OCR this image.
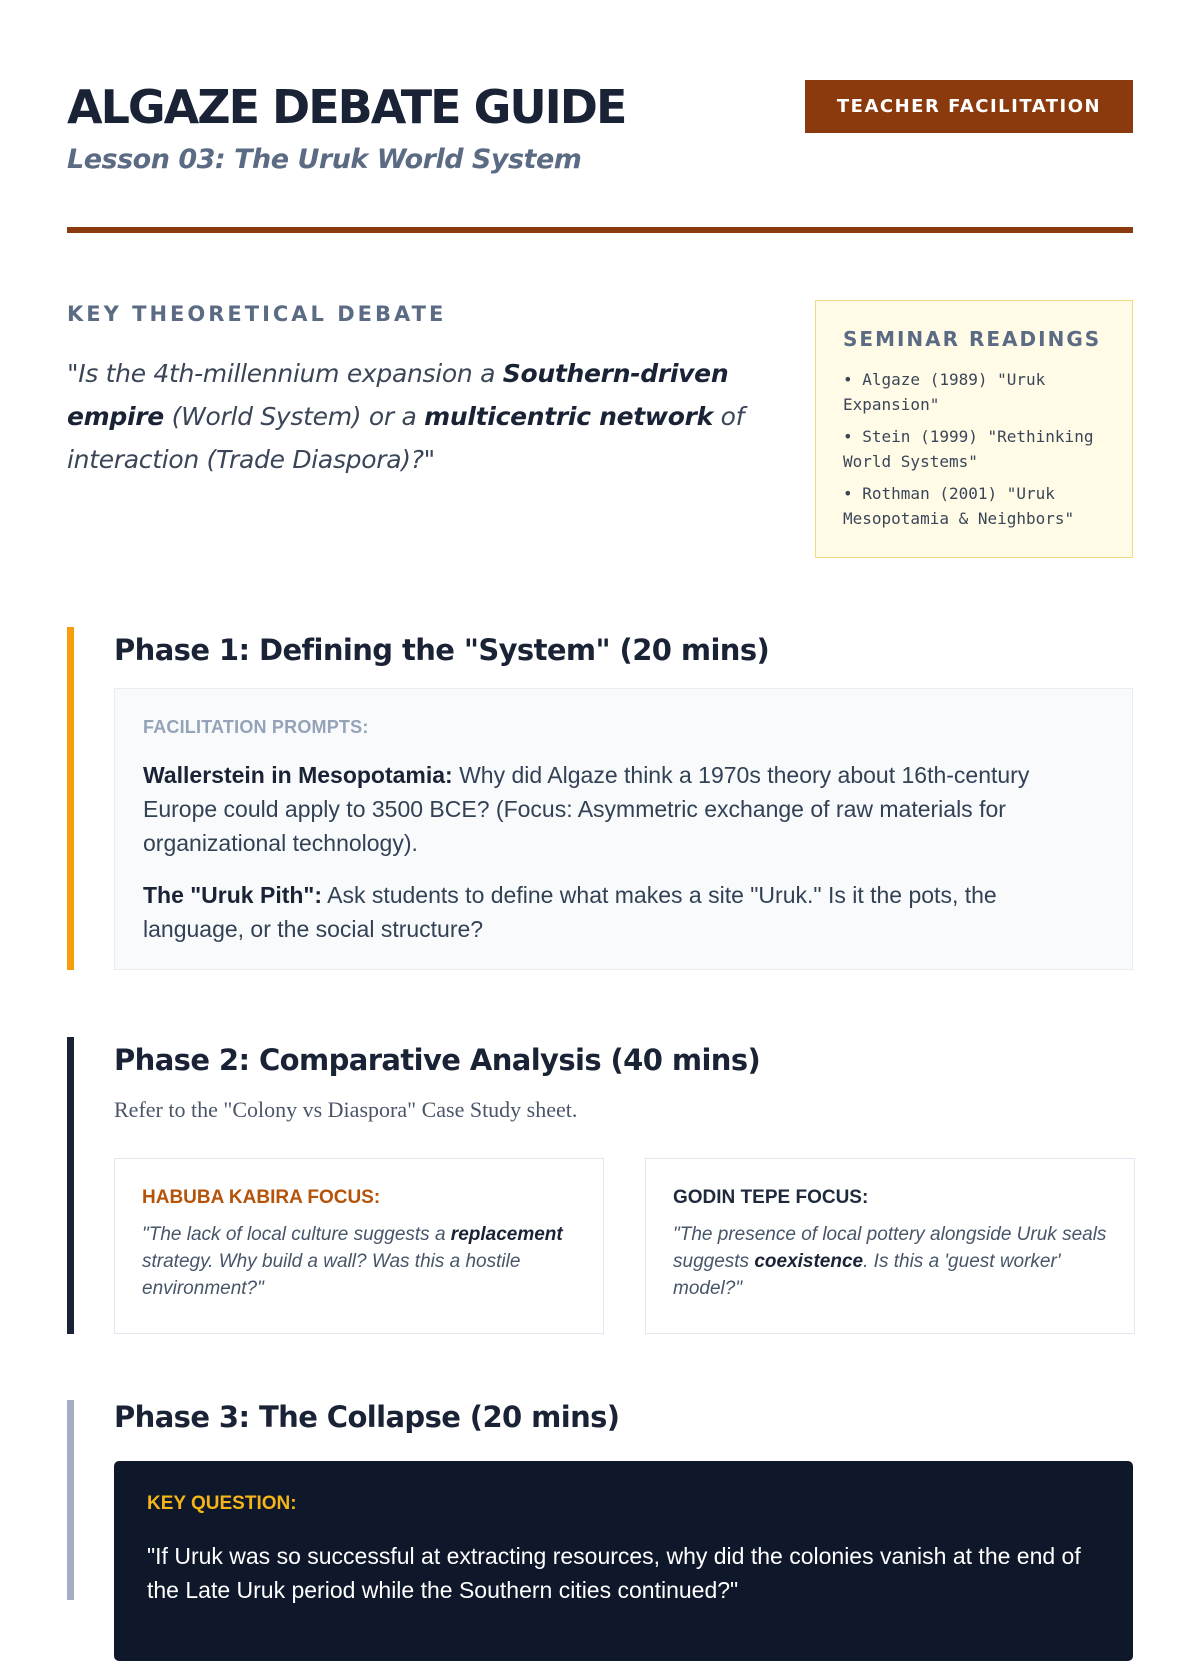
ALGAZE DEBATE GUIDE
Lesson 03: The Uruk World System
TEACHER FACILITATION
KEY THEORETICAL DEBATE

"Is the 4th-millennium expansion a Southern-driven empire (World System) or a multicentric network of interaction (Trade Diaspora)?"

SEMINAR READINGS
• Algaze (1989) "Uruk Expansion"
• Stein (1999) "Rethinking World Systems"
• Rothman (2001) "Uruk Mesopotamia & Neighbors"
Phase 1: Defining the "System" (20 mins)

FACILITATION PROMPTS:

Wallerstein in Mesopotamia: Why did Algaze think a 1970s theory about 16th-century Europe could apply to 3500 BCE? (Focus: Asymmetric exchange of raw materials for organizational technology).

The "Uruk Pith": Ask students to define what makes a site "Uruk." Is it the pots, the language, or the social structure?

Phase 2: Comparative Analysis (40 mins)

Refer to the "Colony vs Diaspora" Case Study sheet.

HABUBA KABIRA FOCUS:

"The lack of local culture suggests a replacement strategy. Why build a wall? Was this a hostile environment?"

GODIN TEPE FOCUS:

"The presence of local pottery alongside Uruk seals suggests coexistence. Is this a 'guest worker' model?"

Phase 3: The Collapse (20 mins)

KEY QUESTION:

"If Uruk was so successful at extracting resources, why did the colonies vanish at the end of the Late Uruk period while the Southern cities continued?"
